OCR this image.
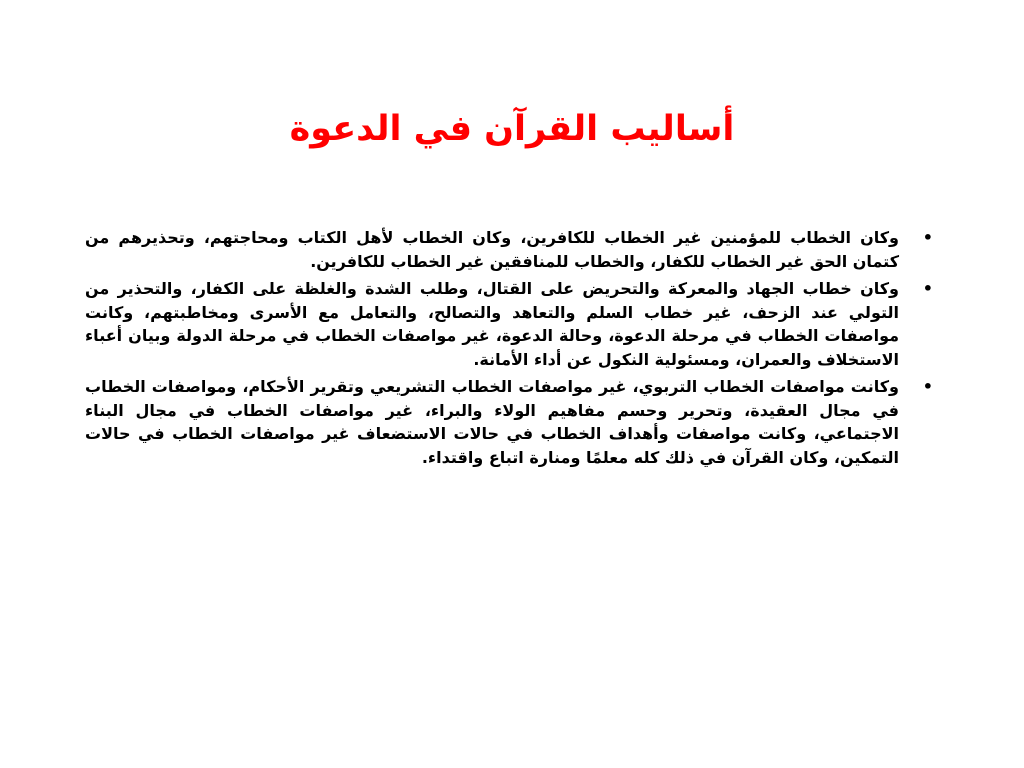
أساليب القرآن في الدعوة
•
وكان الخطاب للمؤمنين غير الخطاب للكافرين، وكان الخطاب لأهل الكتاب ومحاجتهم، وتحذيرهم من كتمان الحق غير الخطاب للكفار، والخطاب للمنافقين غير الخطاب للكافرين.
•
وكان خطاب الجهاد والمعركة والتحريض على القتال، وطلب الشدة والغلظة على الكفار، والتحذير من التولي عند الزحف، غير خطاب السلم والتعاهد والتصالح، والتعامل مع الأسرى ومخاطبتهم، وكانت مواصفات الخطاب في مرحلة الدعوة، وحالة الدعوة، غير مواصفات الخطاب في مرحلة الدولة وبيان أعباء الاستخلاف والعمران، ومسئولية النكول عن أداء الأمانة.
•
وكانت مواصفات الخطاب التربوي، غير مواصفات الخطاب التشريعي وتقرير الأحكام، ومواصفات الخطاب في مجال العقيدة، وتحرير وحسم مفاهيم الولاء والبراء، غير مواصفات الخطاب في مجال البناء الاجتماعي، وكانت مواصفات وأهداف الخطاب في حالات الاستضعاف غير مواصفات الخطاب في حالات التمكين، وكان القرآن في ذلك كله معلمًا ومنارة اتباع واقتداء.
